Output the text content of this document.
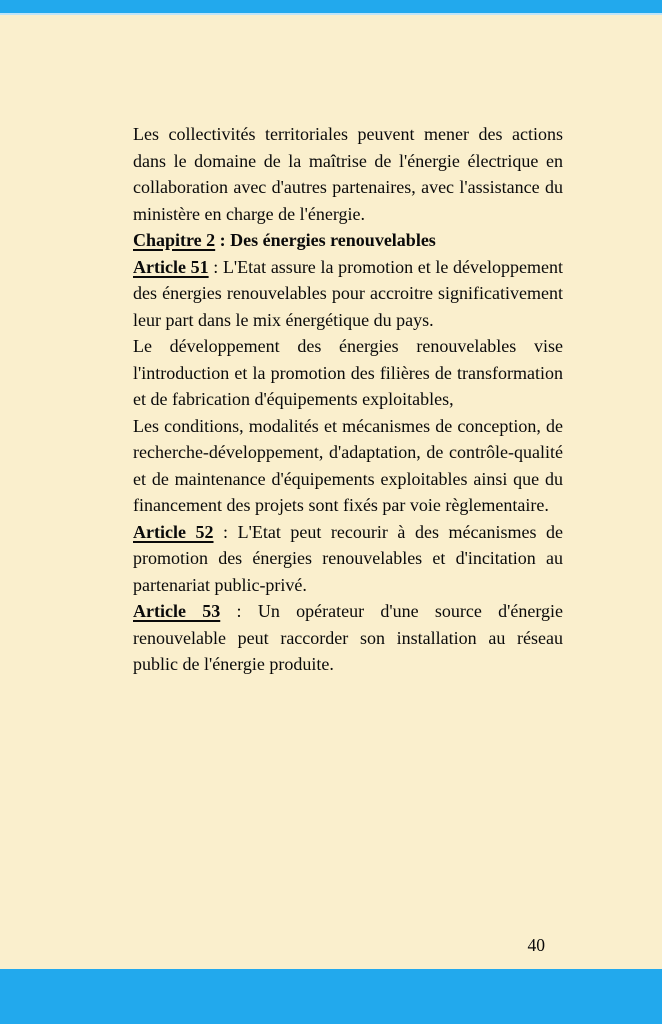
Les collectivités territoriales peuvent mener des actions dans le domaine de la maîtrise de l'énergie électrique en collaboration avec d'autres partenaires, avec l'assistance du ministère en charge de l'énergie.

Chapitre 2 : Des énergies renouvelables

Article 51 : L'Etat assure la promotion et le développement des énergies renouvelables pour accroitre significativement leur part dans le mix énergétique du pays.

Le développement des énergies renouvelables vise l'introduction et la promotion des filières de transformation et de fabrication d'équipements exploitables,

Les conditions, modalités et mécanismes de conception, de recherche-développement, d'adaptation, de contrôle-qualité et de maintenance d'équipements exploitables ainsi que du financement des projets sont fixés par voie règlementaire.

Article 52 : L'Etat peut recourir à des mécanismes de promotion des énergies renouvelables et d'incitation au partenariat public-privé.

Article 53 : Un opérateur d'une source d'énergie renouvelable peut raccorder son installation au réseau public de l'énergie produite.

40
